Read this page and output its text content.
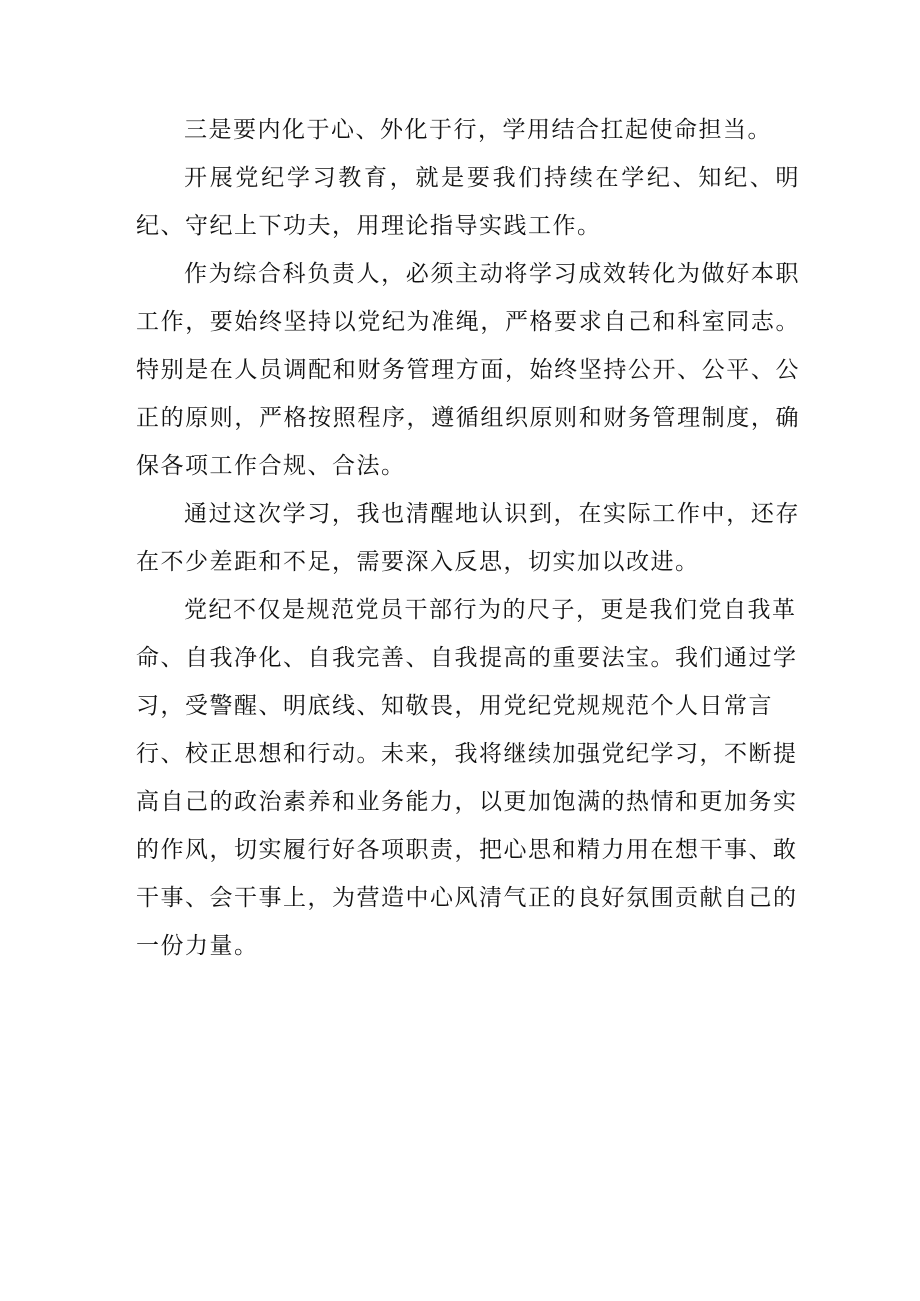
三是要内化于心、外化于行，学用结合扛起使命担当。

开展党纪学习教育，就是要我们持续在学纪、知纪、明纪、守纪上下功夫，用理论指导实践工作。

作为综合科负责人，必须主动将学习成效转化为做好本职工作，要始终坚持以党纪为准绳，严格要求自己和科室同志。特别是在人员调配和财务管理方面，始终坚持公开、公平、公正的原则，严格按照程序，遵循组织原则和财务管理制度，确保各项工作合规、合法。

通过这次学习，我也清醒地认识到，在实际工作中，还存在不少差距和不足，需要深入反思，切实加以改进。

党纪不仅是规范党员干部行为的尺子，更是我们党自我革命、自我净化、自我完善、自我提高的重要法宝。我们通过学习，受警醒、明底线、知敬畏，用党纪党规规范个人日常言行、校正思想和行动。未来，我将继续加强党纪学习，不断提高自己的政治素养和业务能力，以更加饱满的热情和更加务实的作风，切实履行好各项职责，把心思和精力用在想干事、敢干事、会干事上，为营造中心风清气正的良好氛围贡献自己的一份力量。
